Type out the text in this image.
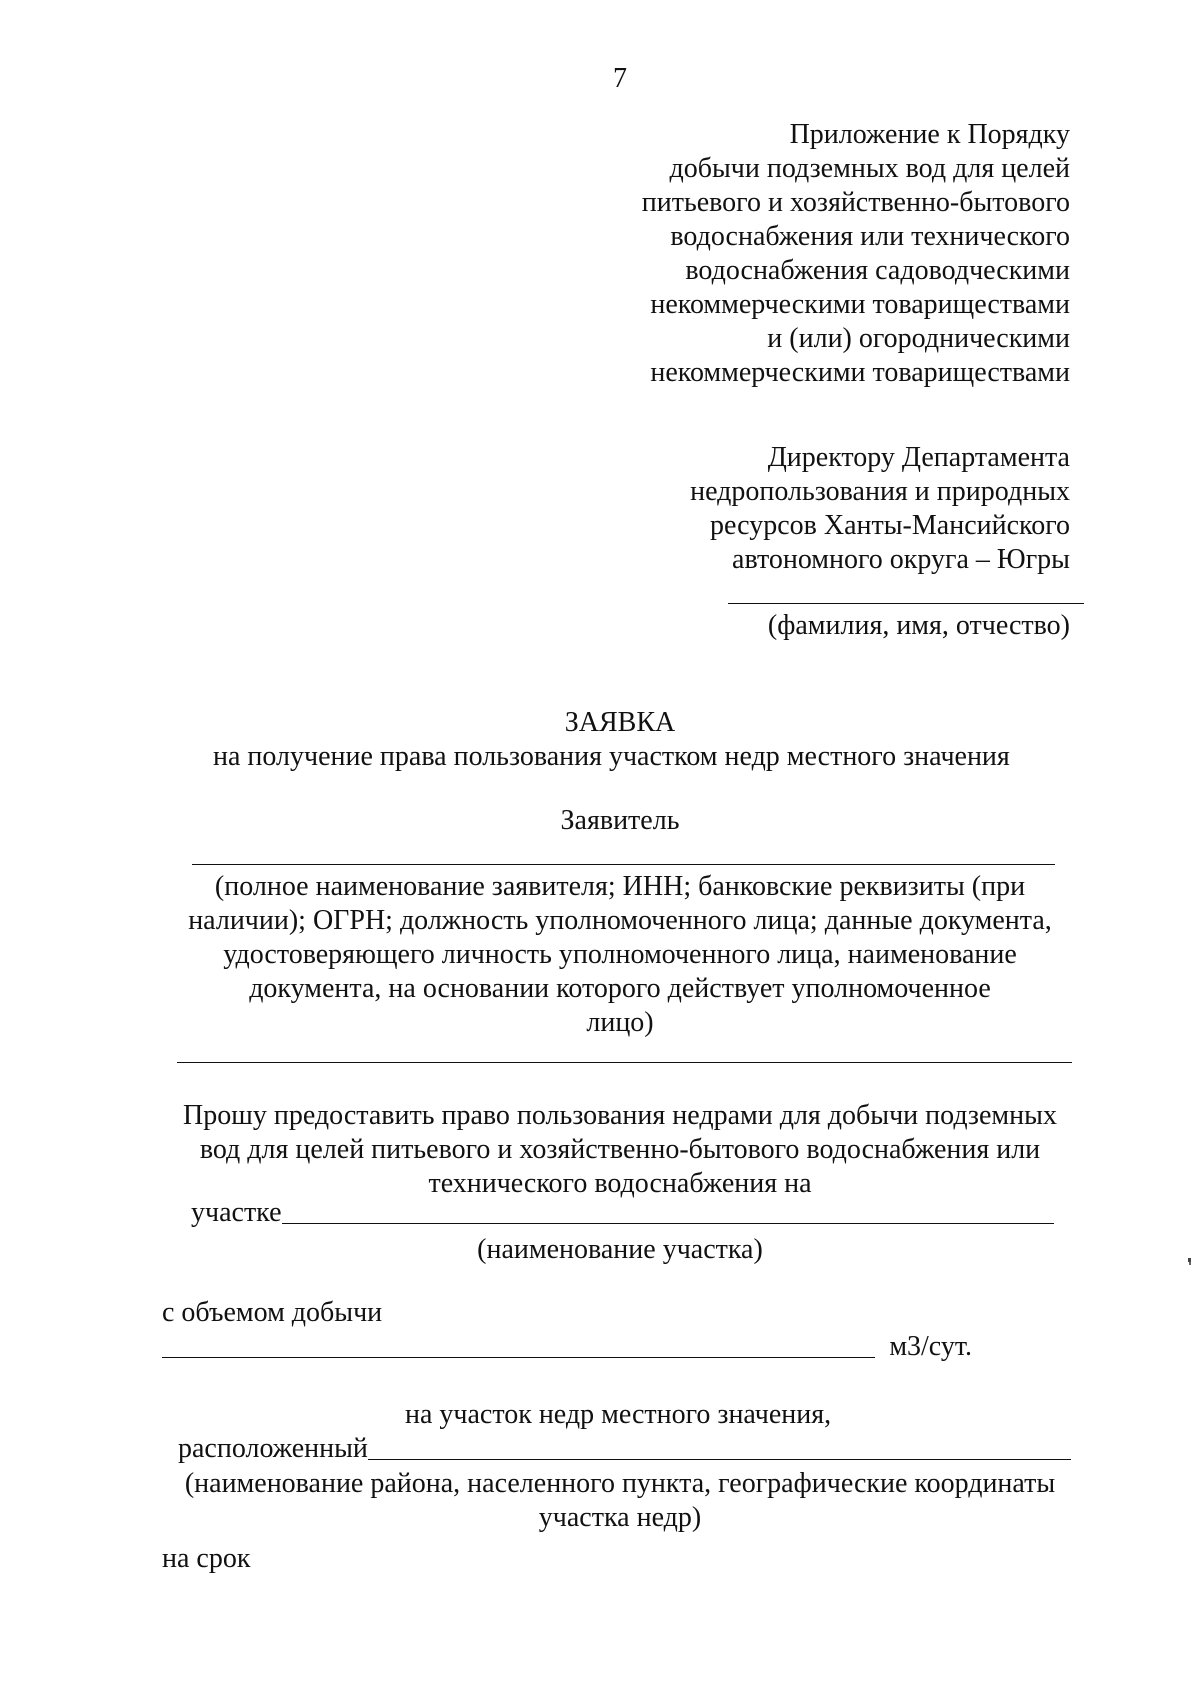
7
Приложение к Порядку
добычи подземных вод для целей
питьевого и хозяйственно-бытового
водоснабжения или технического
водоснабжения садоводческими
некоммерческими товариществами
и (или) огородническими
некоммерческими товариществами
Директору Департамента
недропользования и природных
ресурсов Ханты-Мансийского
автономного округа – Югры
(фамилия, имя, отчество)
ЗАЯВКА
на получение права пользования участком недр местного значения
Заявитель
(полное наименование заявителя; ИНН; банковские реквизиты (при
наличии); ОГРН; должность уполномоченного лица; данные документа,
удостоверяющего личность уполномоченного лица, наименование
документа, на основании которого действует уполномоченное
лицо)
Прошу предоставить право пользования недрами для добычи подземных
вод для целей питьевого и хозяйственно-бытового водоснабжения или
технического водоснабжения на
участке
(наименование участка)
с объемом добычи
м3/сут.
на участок недр местного значения,
расположенный
(наименование района, населенного пункта, географические координаты
участка недр)
на срок
